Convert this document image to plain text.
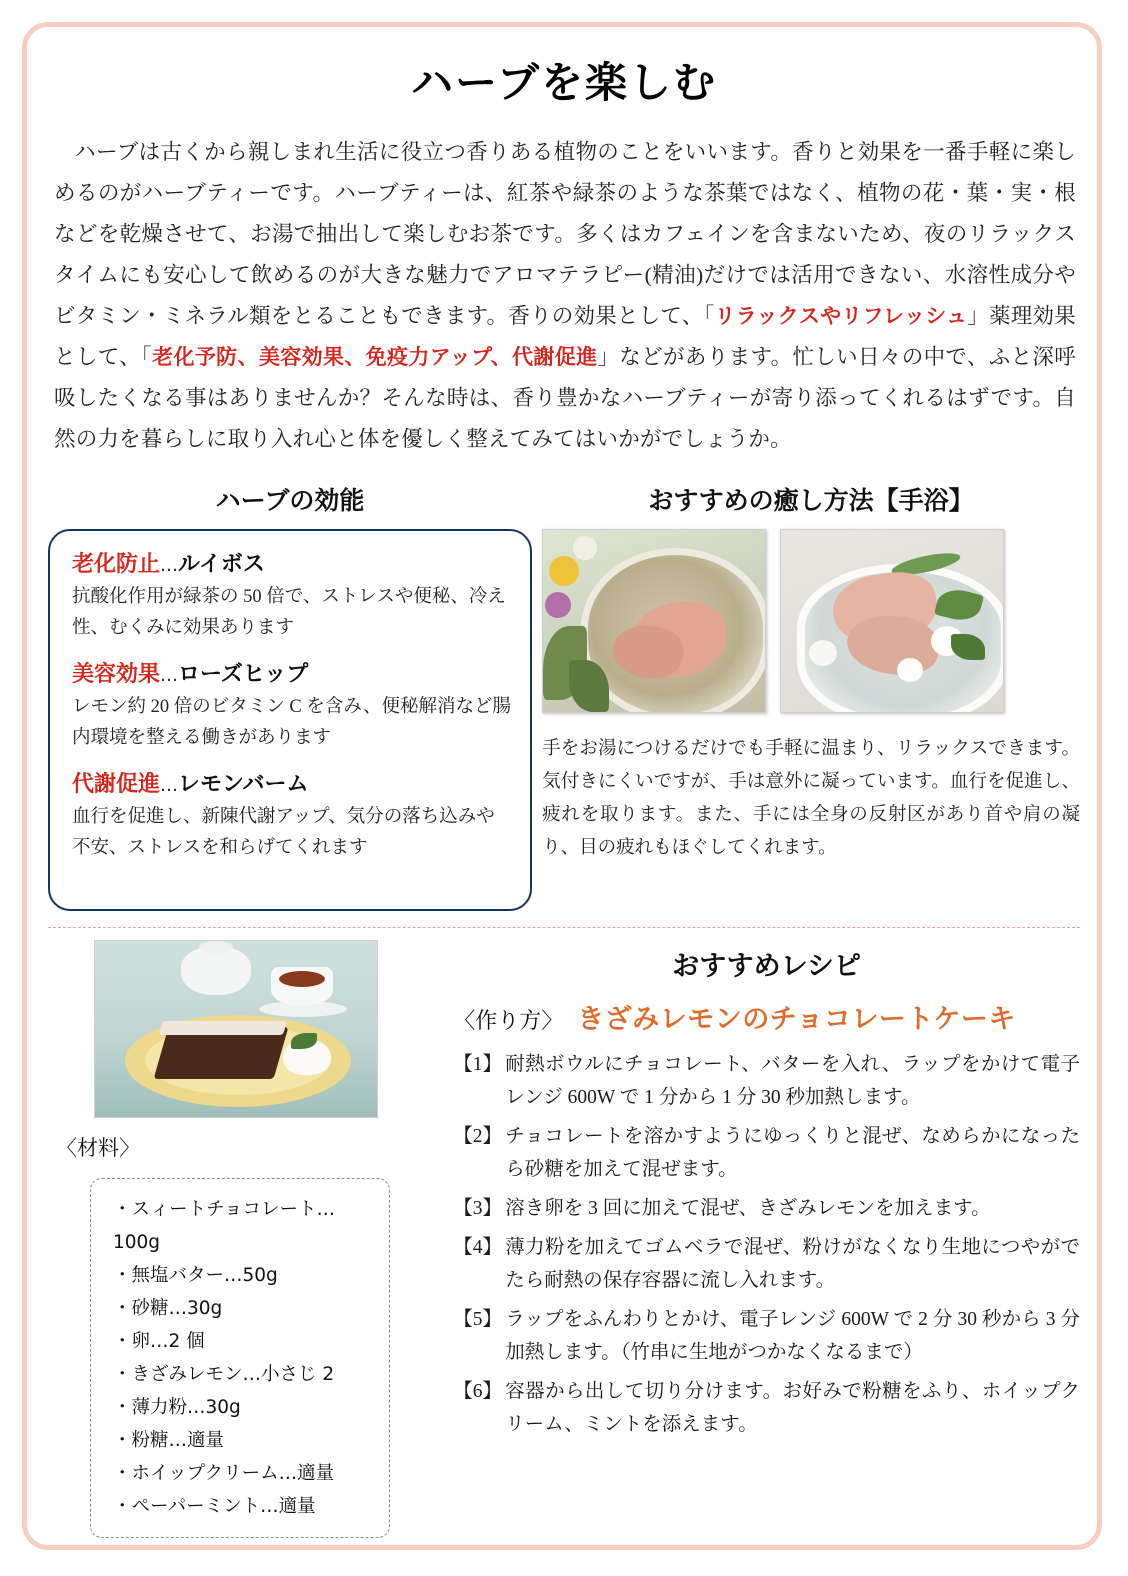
ハーブを楽しむ

ハーブは古くから親しまれ生活に役立つ香りある植物のことをいいます。香りと効果を一番手軽に楽しめるのがハーブティーです。ハーブティーは、紅茶や緑茶のような茶葉ではなく、植物の花・葉・実・根などを乾燥させて、お湯で抽出して楽しむお茶です。多くはカフェインを含まないため、夜のリラックスタイムにも安心して飲めるのが大きな魅力でアロマテラピー(精油)だけでは活用できない、水溶性成分やビタミン・ミネラル類をとることもできます。香りの効果として、「リラックスやリフレッシュ」薬理効果として、「老化予防、美容効果、免疫力アップ、代謝促進」などがあります。忙しい日々の中で、ふと深呼吸したくなる事はありませんか？そんな時は、香り豊かなハーブティーが寄り添ってくれるはずです。自然の力を暮らしに取り入れ心と体を優しく整えてみてはいかがでしょうか。

ハーブの効能
老化防止…ルイボス
抗酸化作用が緑茶の 50 倍で、ストレスや便秘、冷え性、むくみに効果あります
美容効果…ローズヒップ
レモン約 20 倍のビタミン C を含み、便秘解消など腸内環境を整える働きがあります
代謝促進…レモンバーム
血行を促進し、新陳代謝アップ、気分の落ち込みや不安、ストレスを和らげてくれます
おすすめの癒し方法【手浴】
手をお湯につけるだけでも手軽に温まり、リラックスできます。気付きにくいですが、手は意外に凝っています。血行を促進し、疲れを取ります。また、手には全身の反射区があり首や肩の凝り、目の疲れもほぐしてくれます。
〈材料〉
・ スィートチョコレート…100g
・ 無塩バター…50g
・ 砂糖…30g
・ 卵…2 個
・ きざみレモン…小さじ 2
・ 薄力粉…30g
・ 粉糖…適量
・ ホイップクリーム…適量
・ ペーパーミント…適量
おすすめレシピ
〈作り方〉 きざみレモンのチョコレートケーキ
【1】 耐熱ボウルにチョコレート、バターを入れ、ラップをかけて電子レンジ 600W で 1 分から 1 分 30 秒加熱します。
【2】 チョコレートを溶かすようにゆっくりと混ぜ、なめらかになったら砂糖を加えて混ぜます。
【3】 溶き卵を 3 回に加えて混ぜ、きざみレモンを加えます。
【4】 薄力粉を加えてゴムベラで混ぜ、粉けがなくなり生地につやがでたら耐熱の保存容器に流し入れます。
【5】 ラップをふんわりとかけ、電子レンジ 600W で 2 分 30 秒から 3 分加熱します。（竹串に生地がつかなくなるまで）
【6】 容器から出して切り分けます。お好みで粉糖をふり、ホイップクリーム、ミントを添えます。
